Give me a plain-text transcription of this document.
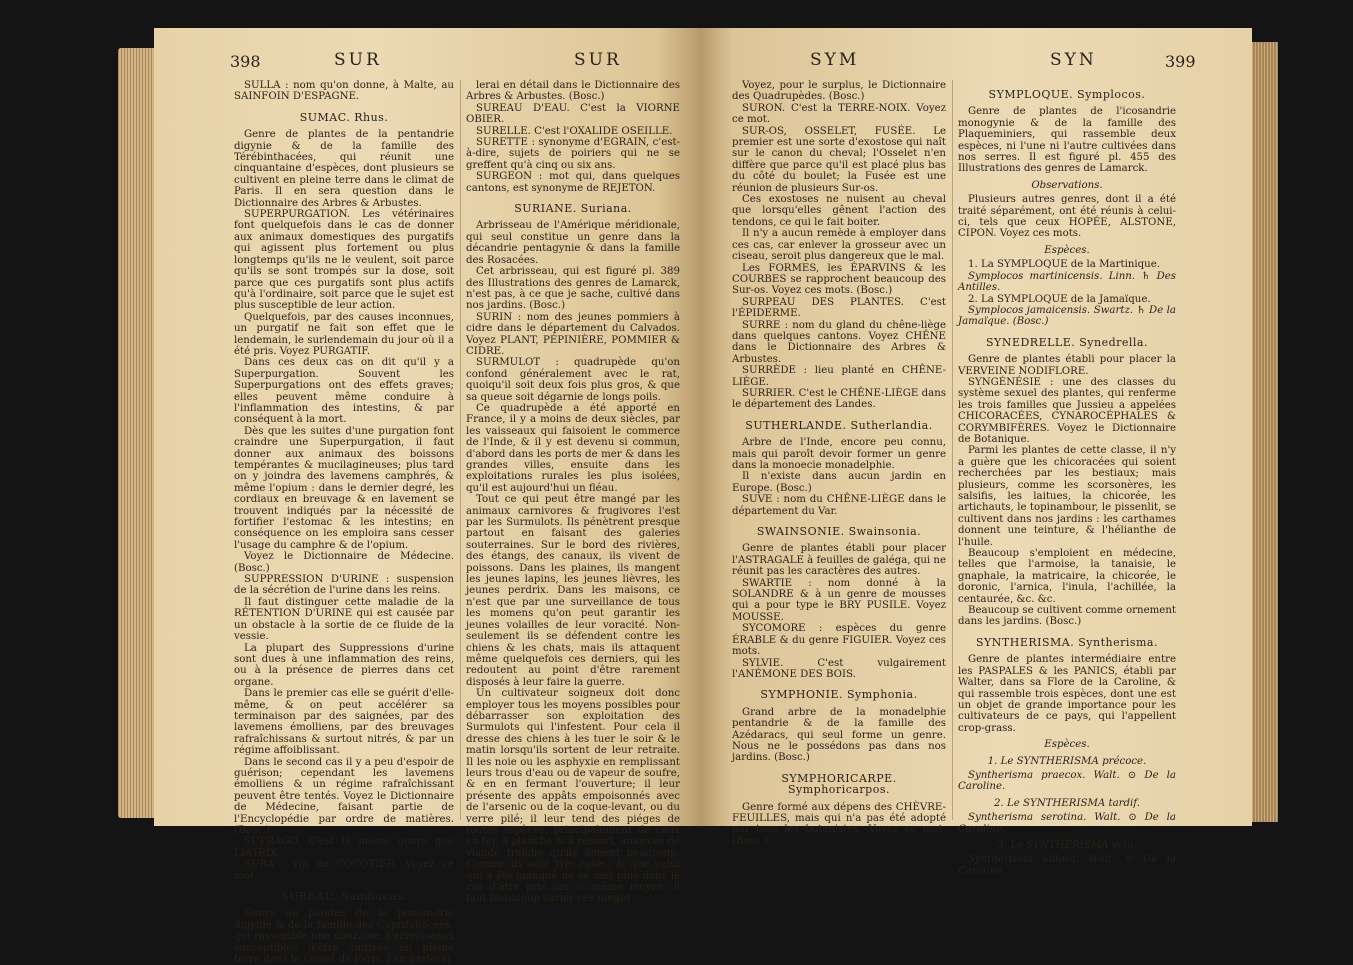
398	SUR	SUR

SULLA : nom qu'on donne, à Malte, au SAINFOIN D'ESPAGNE.

SUMAC. Rhus.

Genre de plantes de la pentandrie digynie & de la famille des Térébinthacées, qui réunit une cinquantaine d'espèces, dont plusieurs se cultivent en pleine terre dans le climat de Paris. Il en sera question dans le Dictionnaire des Arbres & Arbustes.

SUPERPURGATION. Les vétérinaires font quelquefois dans le cas de donner aux animaux domestiques des purgatifs qui agissent plus fortement ou plus longtemps qu'ils ne le veulent, soit parce qu'ils se sont trompés sur la dose, soit parce que ces purgatifs sont plus actifs qu'à l'ordinaire, soit parce que le sujet est plus susceptible de leur action.

Quelquefois, par des causes inconnues, un purgatif ne fait son effet que le lendemain, le surlendemain du jour où il a été pris. Voyez PURGATIF.

Dans ces deux cas on dit qu'il y a Superpurgation. Souvent les Superpurgations ont des effets graves; elles peuvent même conduire à l'inflammation des intestins, & par conséquent à la mort.

Dès que les suites d'une purgation font craindre une Superpurgation, il faut donner aux animaux des boissons tempérantes & mucilagineuses; plus tard on y joindra des lavemens camphrés, & même l'opium : dans le dernier degré, les cordiaux en breuvage & en lavement se trouvent indiqués par la nécessité de fortifier l'estomac & les intestins; en conséquence on les emploira sans cesser l'usage du camphre & de l'opium.

Voyez le Dictionnaire de Médecine. (Bosc.)

SUPPRESSION D'URINE : suspension de la sécrétion de l'urine dans les reins.

Il faut distinguer cette maladie de la RÉTENTION D'URINE qui est causée par un obstacle à la sortie de ce fluide de la vessie.

La plupart des Suppressions d'urine sont dues à une inflammation des reins, ou à la présence de pierres dans cet organe.

Dans le premier cas elle se guérit d'elle-même, & on peut accélérer sa terminaison par des saignées, par des lavemens émolliens, par des breuvages rafraîchissans & surtout nitrés, & par un régime affoiblissant.

Dans le second cas il y a peu d'espoir de guérison; cependant les lavemens émolliens & un régime rafraîchissant peuvent être tentés. Voyez le Dictionnaire de Médecine, faisant partie de l'Encyclopédie par ordre de matières. (Bosc.)

SUPRAGO. C'est le même genre que LIATRIX.

SURA : vin de COCOTIER. Voyez ce mot.

SUREAU. Sambucus.

Genre de plantes de la pentandrie digynie & de la famille des Caprifoliacées, qui rassemble une douzaine d'arbrisseaux susceptibles d'être cultivés en pleine terre dans le climat de Paris. J'en parlerai

lerai en détail dans le Dictionnaire des Arbres & Arbustes. (Bosc.)

SUREAU D'EAU. C'est la VIORNE OBIER.

SURELLE. C'est l'OXALIDE OSEILLE.

SURETTE : synonyme d'EGRAIN, c'est-à-dire, sujets de poiriers qui ne se greffent qu'à cinq ou six ans.

SURGEON : mot qui, dans quelques cantons, est synonyme de REJETON.

SURIANE. Suriana.

Arbrisseau de l'Amérique méridionale, qui seul constitue un genre dans la décandrie pentagynie & dans la famille des Rosacées.

Cet arbrisseau, qui est figuré pl. 389 des Illustrations des genres de Lamarck, n'est pas, à ce que je sache, cultivé dans nos jardins. (Bosc.)

SURIN : nom des jeunes pommiers à cidre dans le département du Calvados. Voyez PLANT, PÉPINIÈRE, POMMIER & CIDRE.

SURMULOT : quadrupède qu'on confond généralement avec le rat, quoiqu'il soit deux fois plus gros, & que sa queue soit dégarnie de longs poils.

Ce quadrupède a été apporté en France, il y a moins de deux siècles, par les vaisseaux qui faisoient le commerce de l'Inde, & il y est devenu si commun, d'abord dans les ports de mer & dans les grandes villes, ensuite dans les exploitations rurales les plus isolées, qu'il est aujourd'hui un fléau.

Tout ce qui peut être mangé par les animaux carnivores & frugivores l'est par les Surmulots. Ils pénètrent presque partout en faisant des galeries souterraines. Sur le bord des rivières, des étangs, des canaux, ils vivent de poissons. Dans les plaines, ils mangent les jeunes lapins, les jeunes lièvres, les jeunes perdrix. Dans les maisons, ce n'est que par une surveillance de tous les momens qu'on peut garantir les jeunes volailles de leur voracité. Non-seulement ils se défendent contre les chiens & les chats, mais ils attaquent même quelquefois ces derniers, qui les redoutent au point d'être rarement disposés à leur faire la guerre.

Un cultivateur soigneux doit donc employer tous les moyens possibles pour débarrasser son exploitation des Surmulots qui l'infestent. Pour cela il dresse des chiens à les tuer le soir & le matin lorsqu'ils sortent de leur retraite. Il les noie ou les asphyxie en remplissant leurs trous d'eau ou de vapeur de soufre, & en en fermant l'ouverture; il leur présente des appâts empoisonnés avec de l'arsenic ou de la coque-levant, ou du verre pilé; il leur tend des piéges de toutes espèces, principalement de ceux en fer, à planche & à ressort, amorcés de viande fraîche qu'ils aiment beaucoup. Comme ils sont très-rusés, & que celui qui a été manqué ne se met plus dans le cas d'être pris par le même moyen, il faut beaucoup varier ces piéges.

SYM	SYN	399

Voyez, pour le surplus, le Dictionnaire des Quadrupèdes. (Bosc.)

SURON. C'est la TERRE-NOIX. Voyez ce mot.

SUR-OS, OSSELET, FUSÉE. Le premier est une sorte d'exostose qui naît sur le canon du cheval; l'Osselet n'en diffère que parce qu'il est placé plus bas du côté du boulet; la Fusée est une réunion de plusieurs Sur-os.

Ces exostoses ne nuisent au cheval que lorsqu'elles gênent l'action des tendons, ce qui le fait boiter.

Il n'y a aucun remède à employer dans ces cas, car enlever la grosseur avec un ciseau, seroit plus dangereux que le mal.

Les FORMES, les ÉPARVINS & les COURBES se rapprochent beaucoup des Sur-os. Voyez ces mots. (Bosc.)

SURPEAU DES PLANTES. C'est l'ÉPIDERME.

SURRE : nom du gland du chêne-liège dans quelques cantons. Voyez CHÊNE dans le Dictionnaire des Arbres & Arbustes.

SURRÈDE : lieu planté en CHÊNE-LIÈGE.

SURRIER. C'est le CHÊNE-LIÈGE dans le département des Landes.

SUTHERLANDE. Sutherlandia.

Arbre de l'Inde, encore peu connu, mais qui paroît devoir former un genre dans la monoecie monadelphie.

Il n'existe dans aucun jardin en Europe. (Bosc.)

SUVE : nom du CHÊNE-LIÈGE dans le département du Var.

SWAINSONIE. Swainsonia.

Genre de plantes établi pour placer l'ASTRAGALE à feuilles de galéga, qui ne réunit pas les caractères des autres.

SWARTIE : nom donné à la SOLANDRE & à un genre de mousses qui a pour type le BRY PUSILE. Voyez MOUSSE.

SYCOMORE : espèces du genre ÉRABLE & du genre FIGUIER. Voyez ces mots.

SYLVIE. C'est vulgairement l'ANÉMONE DES BOIS.

SYMPHONIE. Symphonia.

Grand arbre de la monadelphie pentandrie & de la famille des Azédaracs, qui seul forme un genre. Nous ne le possédons pas dans nos jardins. (Bosc.)

SYMPHORICARPE. Symphoricarpos.

Genre formé aux dépens des CHÈVRE-FEUILLES, mais qui n'a pas été adopté par tous les botanistes. Voyez ce mot. (Bosc.)

SYMPLOQUE. Symplocos.

Genre de plantes de l'icosandrie monogynie & de la famille des Plaqueminiers, qui rassemble deux espèces, ni l'une ni l'autre cultivées dans nos serres. Il est figuré pl. 455 des Illustrations des genres de Lamarck.

Observations.

Plusieurs autres genres, dont il a été traité séparément, ont été réunis à celui-ci, tels que ceux HOPÉE, ALSTONE, CIPON. Voyez ces mots.

Espèces.

1. La SYMPLOQUE de la Martinique.

Symplocos martinicensis. Linn. ♄ Des Antilles.

2. La SYMPLOQUE de la Jamaïque.

Symplocos jamaicensis. Swartz. ♄ De la Jamaïque. (Bosc.)

SYNEDRELLE. Synedrella.

Genre de plantes établi pour placer la VERVEINE NODIFLORE.

SYNGÉNÉSIE : une des classes du système sexuel des plantes, qui renferme les trois familles que Jussieu a appelées CHICORACÉES, CYNAROCÉPHALES & CORYMBIFÈRES. Voyez le Dictionnaire de Botanique.

Parmi les plantes de cette classe, il n'y a guère que les chicoracées qui soient recherchées par les bestiaux; mais plusieurs, comme les scorsonères, les salsifis, les laitues, la chicorée, les artichauts, le topinambour, le pissenlit, se cultivent dans nos jardins : les carthames donnent une teinture, & l'hélianthe de l'huile.

Beaucoup s'emploient en médecine, telles que l'armoise, la tanaisie, le gnaphale, la matricaire, la chicorée, le doronic, l'arnica, l'inula, l'achillée, la centaurée, &c. &c.

Beaucoup se cultivent comme ornement dans les jardins. (Bosc.)

SYNTHERISMA. Syntherisma.

Genre de plantes intermédiaire entre les PASPALES & les PANICS, établi par Walter, dans sa Flore de la Caroline, & qui rassemble trois espèces, dont une est un objet de grande importance pour les cultivateurs de ce pays, qui l'appellent crop-grass.

Espèces.

1. Le SYNTHERISMA précoce.

Syntherisma praecox. Walt. ⊙ De la Caroline.

2. Le SYNTHERISMA tardif.

Syntherisma serotina. Walt. ⊙ De la Caroline.

3. Le SYNTHERISMA velu.

Syntherisma villosa. Walt. ⊙ De la Caroline.
